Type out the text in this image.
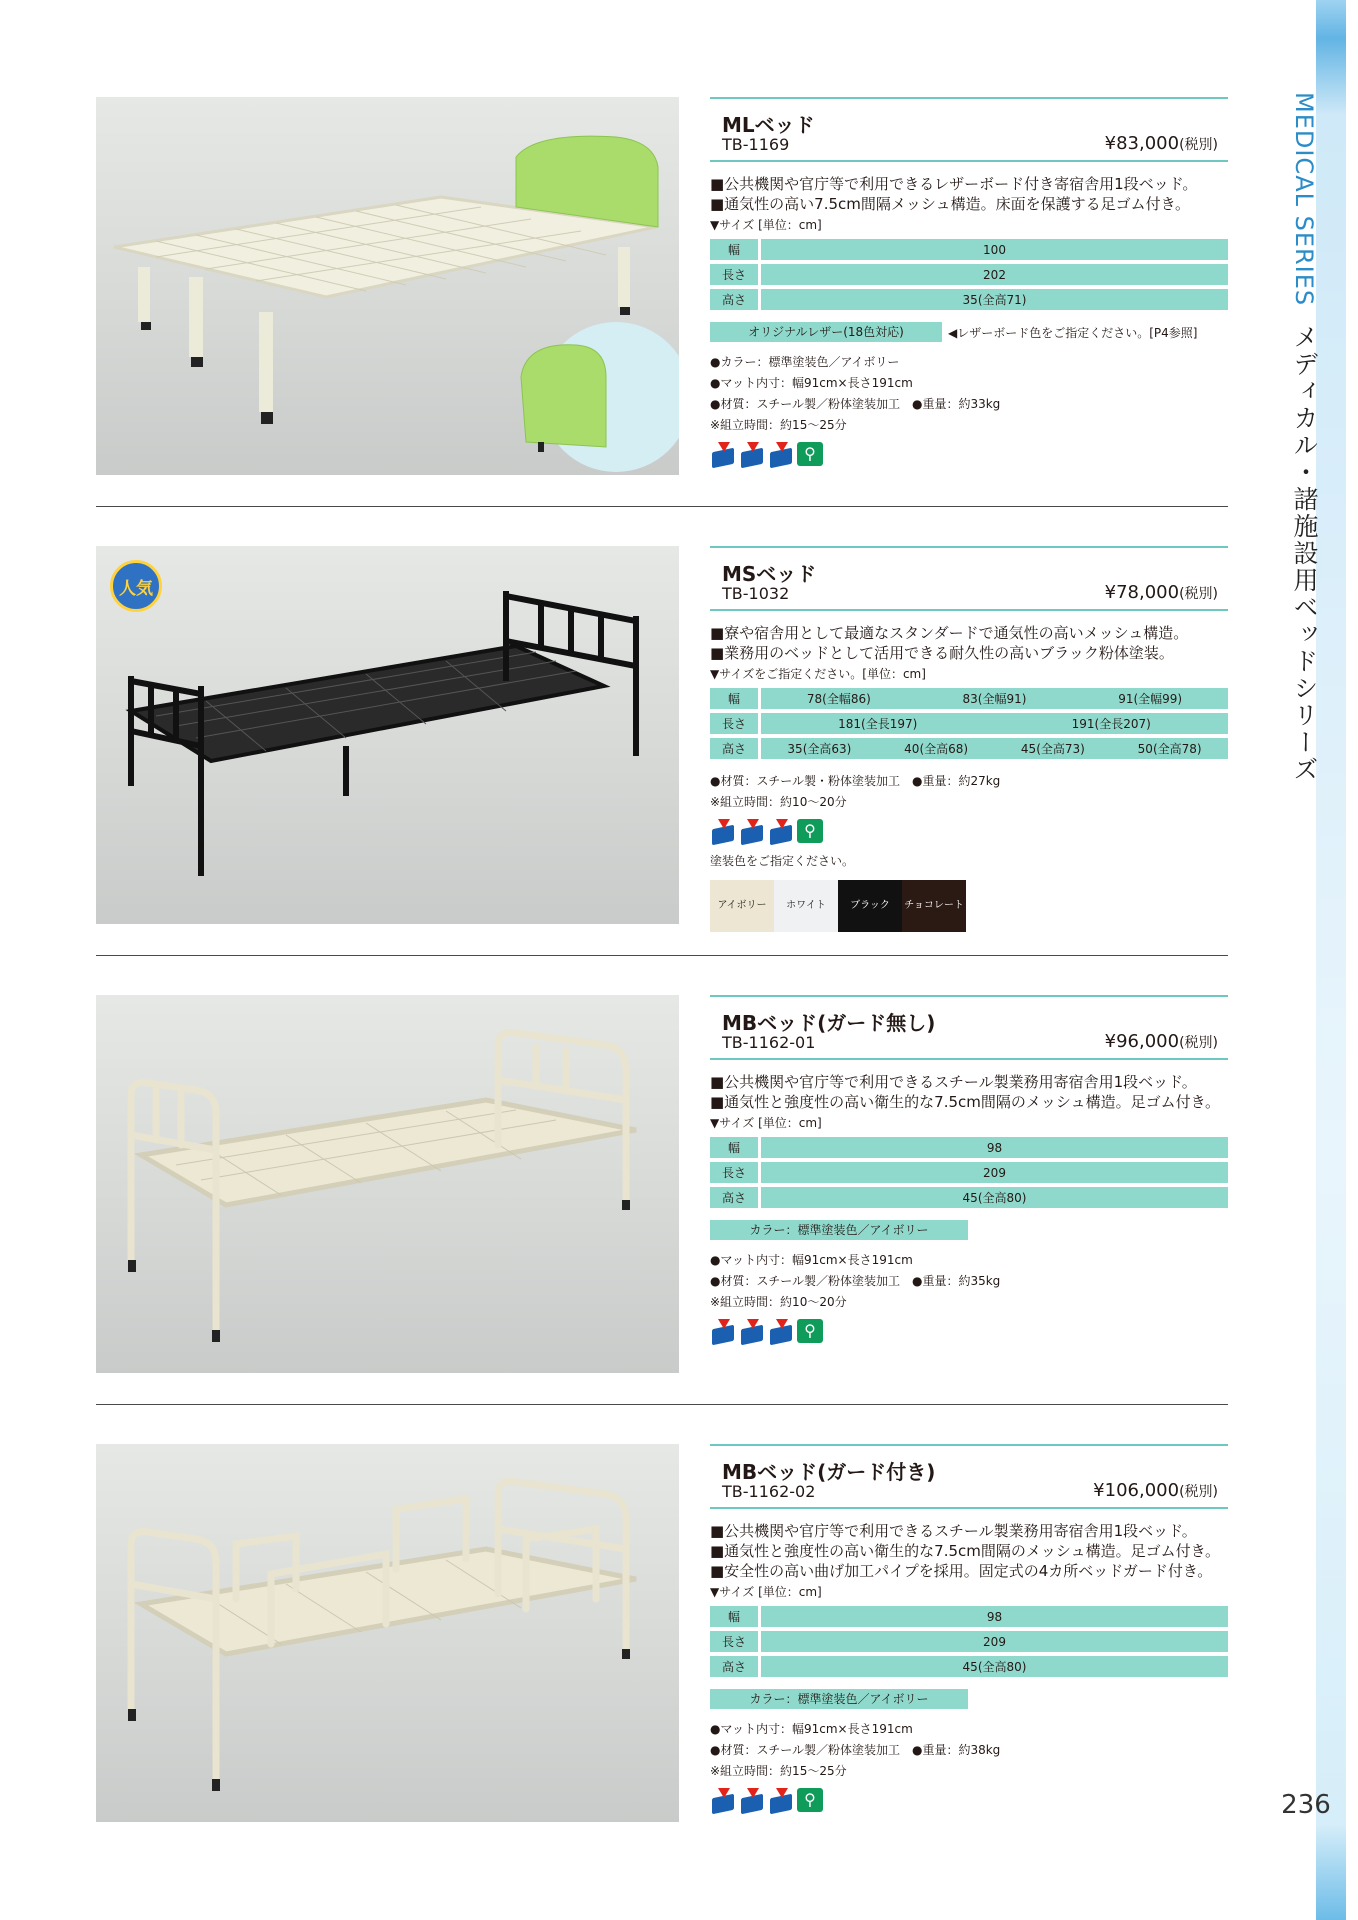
MEDICAL SERIESメディカル・諸施設用ベッドシリーズ
236
MLベッド
TB-1169	¥83,000(税別)
■公共機関や官庁等で利用できるレザーボード付き寄宿舎用1段ベッド。
■通気性の高い7.5cm間隔メッシュ構造。床面を保護する足ゴム付き。
▼サイズ [単位：cm]
幅		100
長さ		202
高さ		35(全高71)
オリジナルレザー(18色対応)	◀レザーボード色をご指定ください。[P4参照]
●カラー：標準塗装色／アイボリー
●マット内寸：幅91cm×長さ191cm
●材質：スチール製／粉体塗装加工　●重量：約33kg
※組立時間：約15～25分
⚲
人気
MSベッド
TB-1032	¥78,000(税別)
■寮や宿舎用として最適なスタンダードで通気性の高いメッシュ構造。
■業務用のベッドとして活用できる耐久性の高いブラック粉体塗装。
▼サイズをご指定ください。[単位：cm]
幅		78(全幅86) 83(全幅91) 91(全幅99)

長さ		181(全長197) 191(全長207)

高さ		35(全高63) 40(全高68) 45(全高73) 50(全高78)
●材質：スチール製・粉体塗装加工　●重量：約27kg
※組立時間：約10～20分
⚲
塗装色をご指定ください。
アイボリー	ホワイト	ブラック	チョコレート
MBベッド(ガード無し)
TB-1162-01	¥96,000(税別)
■公共機関や官庁等で利用できるスチール製業務用寄宿舎用1段ベッド。
■通気性と強度性の高い衛生的な7.5cm間隔のメッシュ構造。足ゴム付き。
▼サイズ [単位：cm]
幅		98
長さ		209
高さ		45(全高80)
カラー：標準塗装色／アイボリー
●マット内寸：幅91cm×長さ191cm
●材質：スチール製／粉体塗装加工　●重量：約35kg
※組立時間：約10～20分
⚲
MBベッド(ガード付き)
TB-1162-02	¥106,000(税別)
■公共機関や官庁等で利用できるスチール製業務用寄宿舎用1段ベッド。
■通気性と強度性の高い衛生的な7.5cm間隔のメッシュ構造。足ゴム付き。
■安全性の高い曲げ加工パイプを採用。固定式の4カ所ベッドガード付き。
▼サイズ [単位：cm]
幅		98
長さ		209
高さ		45(全高80)
カラー：標準塗装色／アイボリー
●マット内寸：幅91cm×長さ191cm
●材質：スチール製／粉体塗装加工　●重量：約38kg
※組立時間：約15～25分
⚲
